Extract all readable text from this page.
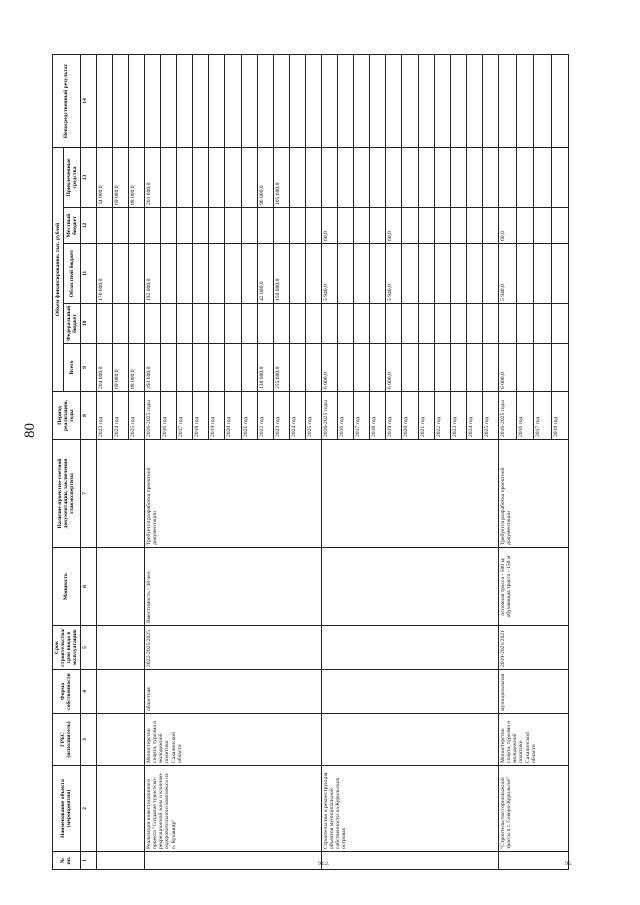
80
№ пп.	Наименование объекта (мероприятия)	ГРБС (исполнитель)	Форма собственности	Срок строительства/ срок ввода в эксплуатацию	Мощность	Наличие проектно-сметной документации, заключения главэкспертизы	Период реализации, годы	Объем финансирования, тыс. рублей					Непосредственный результат
								Всего	Федеральный бюджет	Областной бюджет	Местный бюджет	Привлеченные средства	
1	2	3	4	5	6	7	8	9	10	11	12	13	14
							2023 год	204 000,0		170 000,0		34 000,0	
							2024 год	69 000,0				69 000,0	
							2025 год	88 000,0				88 000,0	

94.2.	Реализация инвестиционного проекта "Создание туристско-рекреационной зоны и клинико-оздоровительного комплекса на о. Кунашир"	Министерство спорта, туризма и молодежной политики Сахалинской области	областная	2022-2025/2025	Вместимость - 38 чел.	Требуется разработка проектной документации	2016-2025 годы	393 600,0		192 000,0		201 600,0	
							2016 год						
							2017 год						
							2018 год						
							2019 год						
							2020 год						
							2021 год						
							2022 год	138 000,0		42 000,0		96 000,0	
							2023 год	255 600,0		150 000,0		105 600,0	
							2024 год						
							2025 год						
	Строительство и реконструкция объектов муниципальной собственности на Курильских островах						2016-2025 годы	6 000,0		5 940,0	60,0		
							2016 год						
							2017 год						
							2018 год						
							2019 год	6 000,0		5 940,0	60,0		
							2020 год						
							2021 год						
							2022 год						
							2023 год						
							2024 год						
							2025 год						

95.	"Строительство горнолыжной трассы в г. Северо-Курильске"	Министерство спорта, туризма и молодежной политики Сахалинской области	муниципальная	2019-2021/2021	основная трасса - 500 м; обучающая трасса - 150 м	Требуется разработка проектной документации	2016-2025 годы	6 000,0		5 940,0	60,0		
							2016 год						
							2017 год						
							2018 год						
